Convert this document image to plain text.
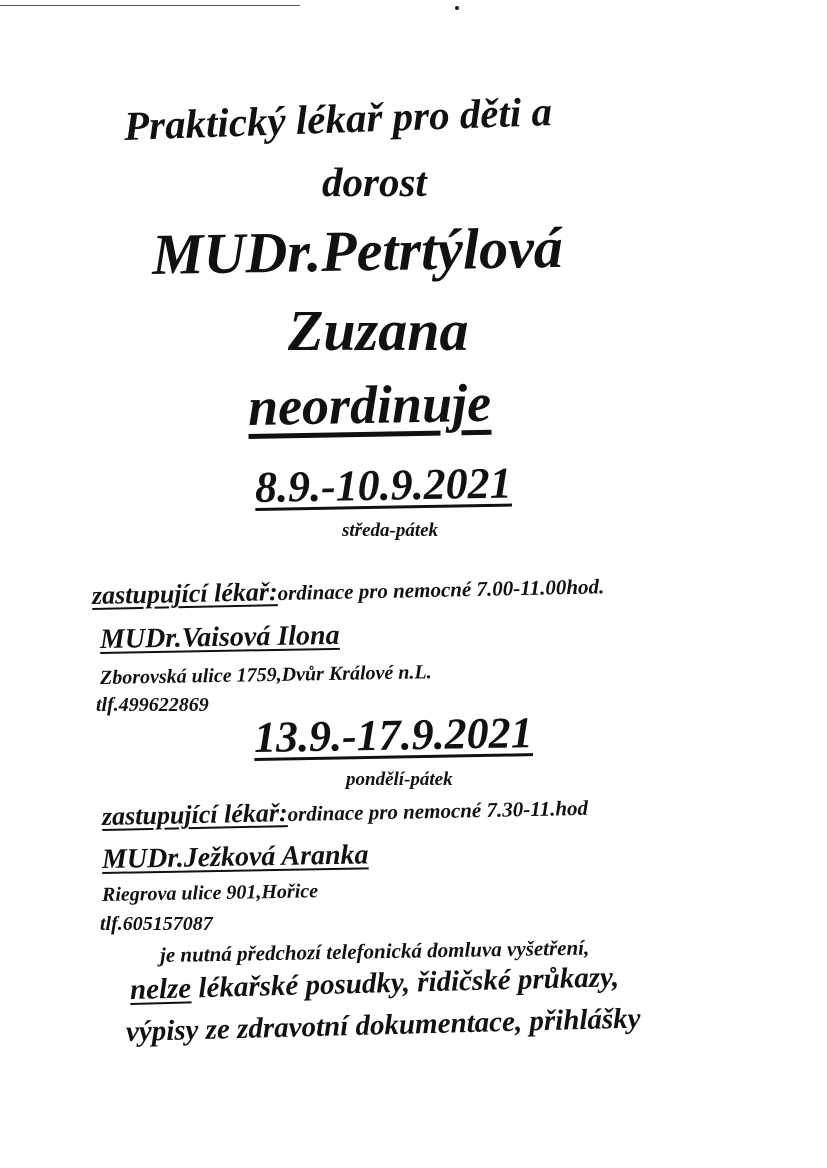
Praktický lékař pro děti a
dorost
MUDr.Petrtýlová
Zuzana
neordinuje
8.9.-10.9.2021
středa-pátek
zastupující lékař:ordinace pro nemocné 7.00-11.00hod.
MUDr.Vaisová Ilona
Zborovská ulice 1759,Dvůr Králové n.L.
tlf.499622869
13.9.-17.9.2021
pondělí-pátek
zastupující lékař:ordinace pro nemocné 7.30-11.hod
MUDr.Ježková Aranka
Riegrova ulice 901,Hořice
tlf.605157087
je nutná předchozí telefonická domluva vyšetření,
nelze lékařské posudky, řidičské průkazy,
výpisy ze zdravotní dokumentace, přihlášky
